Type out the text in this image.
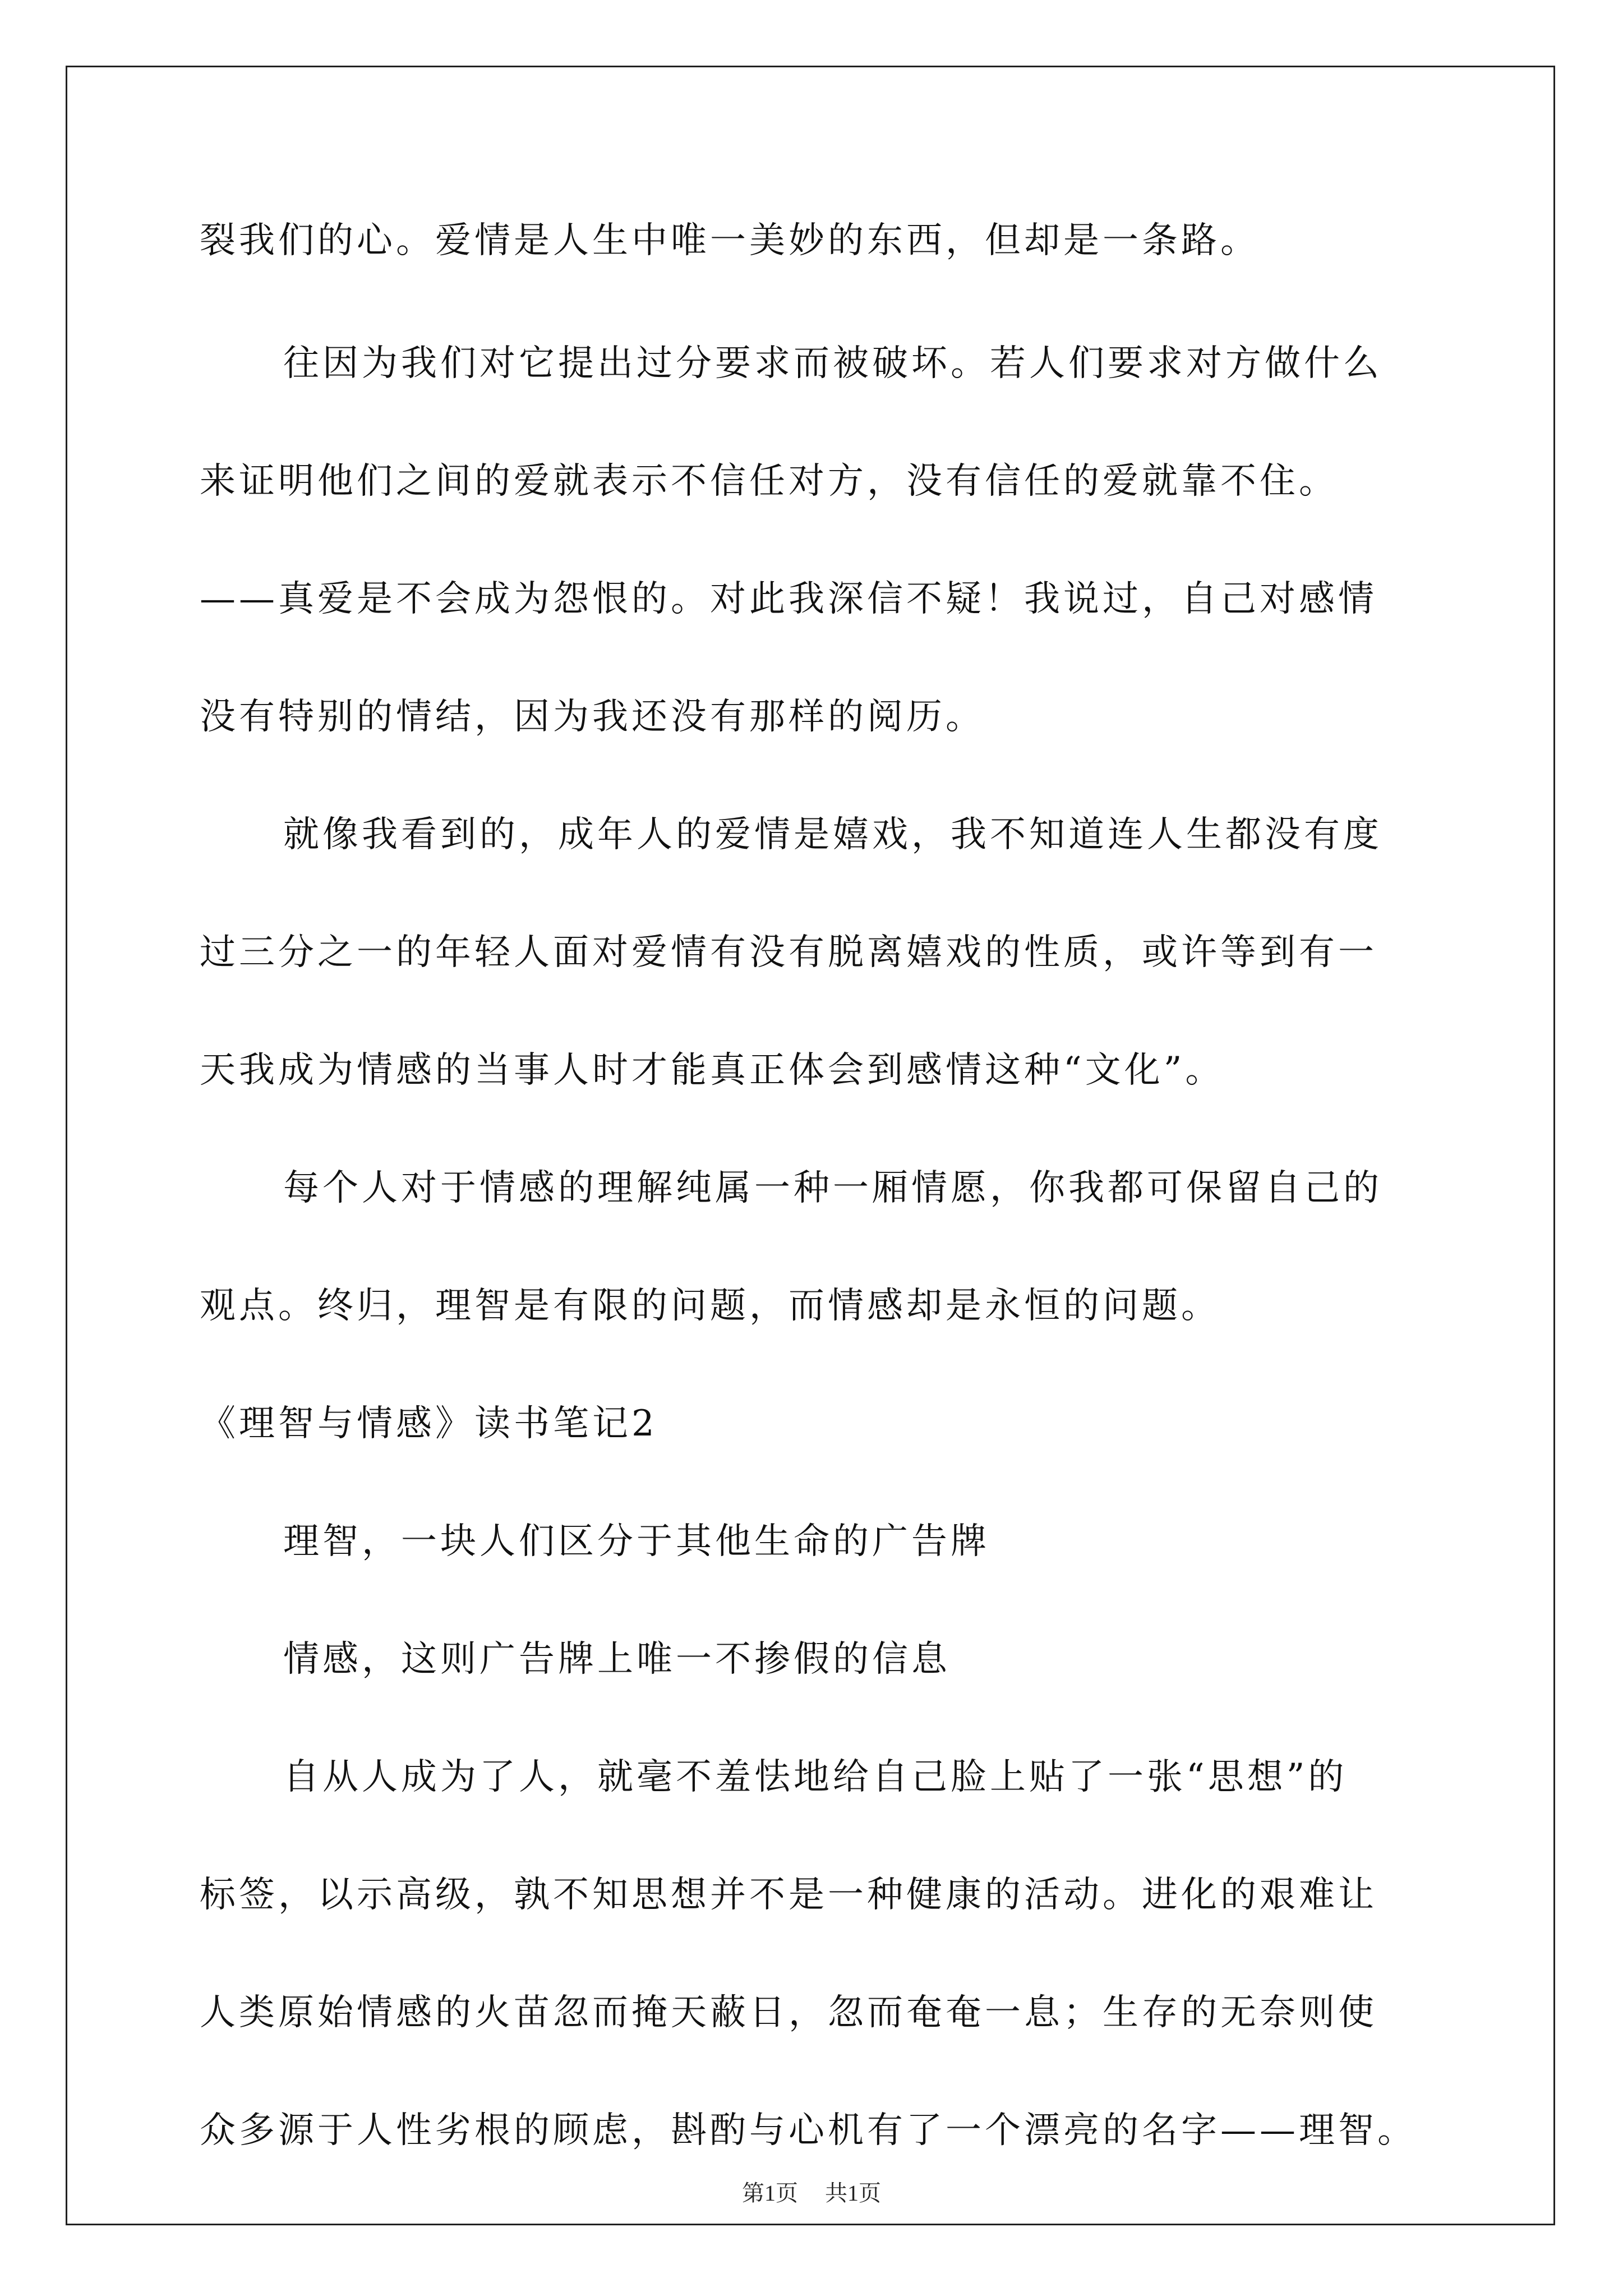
裂我们的心。爱情是人生中唯一美妙的东西，但却是一条路。
往因为我们对它提出过分要求而被破坏。若人们要求对方做什么
来证明他们之间的爱就表示不信任对方，没有信任的爱就靠不住。
——真爱是不会成为怨恨的。对此我深信不疑！我说过，自己对感情
没有特别的情结，因为我还没有那样的阅历。
就像我看到的，成年人的爱情是嬉戏，我不知道连人生都没有度
过三分之一的年轻人面对爱情有没有脱离嬉戏的性质，或许等到有一
天我成为情感的当事人时才能真正体会到感情这种“文化”。
每个人对于情感的理解纯属一种一厢情愿，你我都可保留自己的
观点。终归，理智是有限的问题，而情感却是永恒的问题。
《理智与情感》读书笔记2
理智，一块人们区分于其他生命的广告牌
情感，这则广告牌上唯一不掺假的信息
自从人成为了人，就毫不羞怯地给自己脸上贴了一张“思想”的
标签，以示高级，孰不知思想并不是一种健康的活动。进化的艰难让
人类原始情感的火苗忽而掩天蔽日，忽而奄奄一息；生存的无奈则使
众多源于人性劣根的顾虑，斟酌与心机有了一个漂亮的名字——理智。
第1页 共1页
